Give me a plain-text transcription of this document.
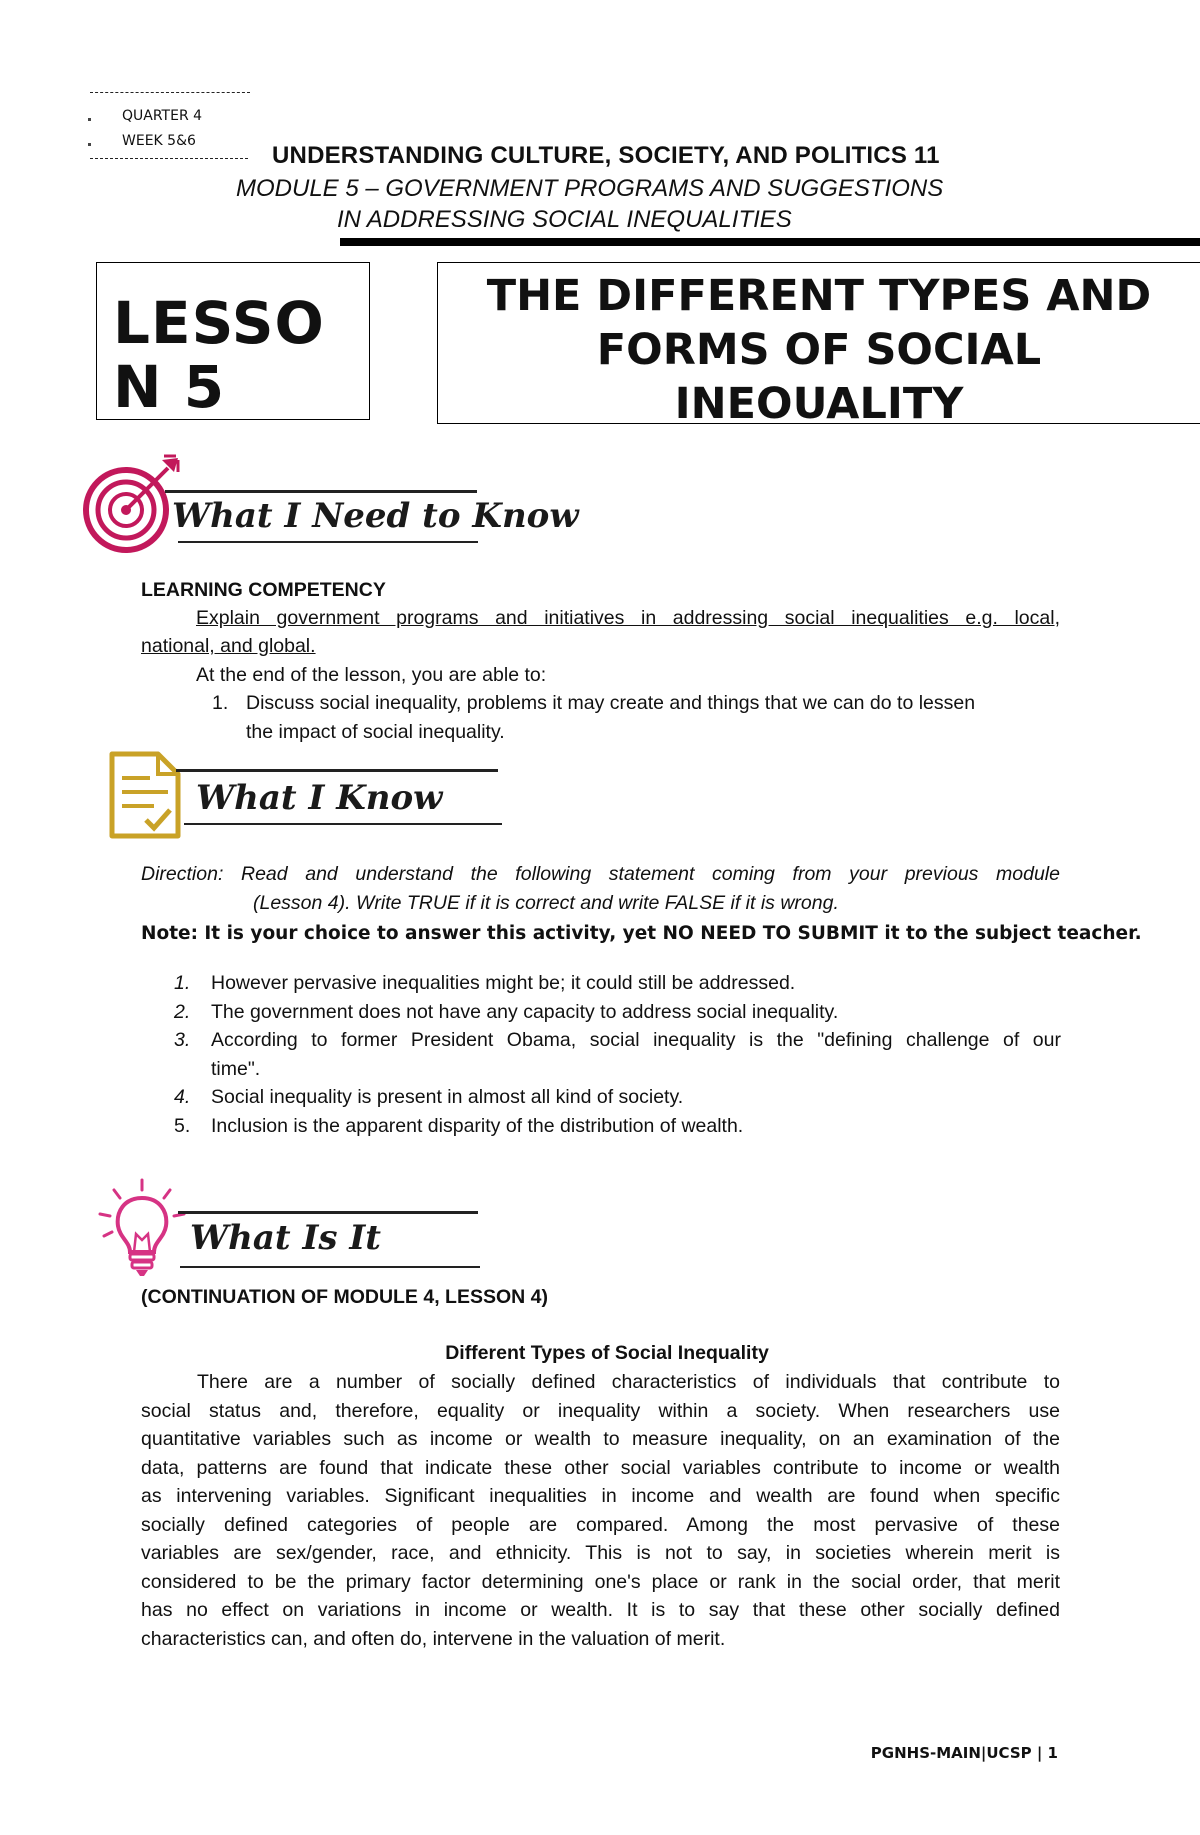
QUARTER 4
WEEK 5&6
UNDERSTANDING CULTURE, SOCIETY, AND POLITICS 11
MODULE 5 – GOVERNMENT PROGRAMS AND SUGGESTIONS
IN ADDRESSING SOCIAL INEQUALITIES
LESSO
N 5
THE DIFFERENT TYPES AND
FORMS OF SOCIAL
INEOUALITY
What I Need to Know
LEARNING COMPETENCY
Explain government programs and initiatives in addressing social inequalities e.g. local,
national, and global.
At the end of the lesson, you are able to:
1. Discuss social inequality, problems it may create and things that we can do to lessen
the impact of social inequality.
What I Know
Direction: Read and understand the following statement coming from your previous module
(Lesson 4). Write TRUE if it is correct and write FALSE if it is wrong.
Note: It is your choice to answer this activity, yet NO NEED TO SUBMIT it to the subject teacher.
1. However pervasive inequalities might be; it could still be addressed.
2. The government does not have any capacity to address social inequality.
3. According to former President Obama, social inequality is the "defining challenge of our
time".
4. Social inequality is present in almost all kind of society.
5. Inclusion is the apparent disparity of the distribution of wealth.
What Is It
(CONTINUATION OF MODULE 4, LESSON 4)
Different Types of Social Inequality
There are a number of socially defined characteristics of individuals that contribute to
social status and, therefore, equality or inequality within a society. When researchers use
quantitative variables such as income or wealth to measure inequality, on an examination of the
data, patterns are found that indicate these other social variables contribute to income or wealth
as intervening variables. Significant inequalities in income and wealth are found when specific
socially defined categories of people are compared. Among the most pervasive of these
variables are sex/gender, race, and ethnicity. This is not to say, in societies wherein merit is
considered to be the primary factor determining one's place or rank in the social order, that merit
has no effect on variations in income or wealth. It is to say that these other socially defined
characteristics can, and often do, intervene in the valuation of merit.
PGNHS-MAIN|UCSP | 1
